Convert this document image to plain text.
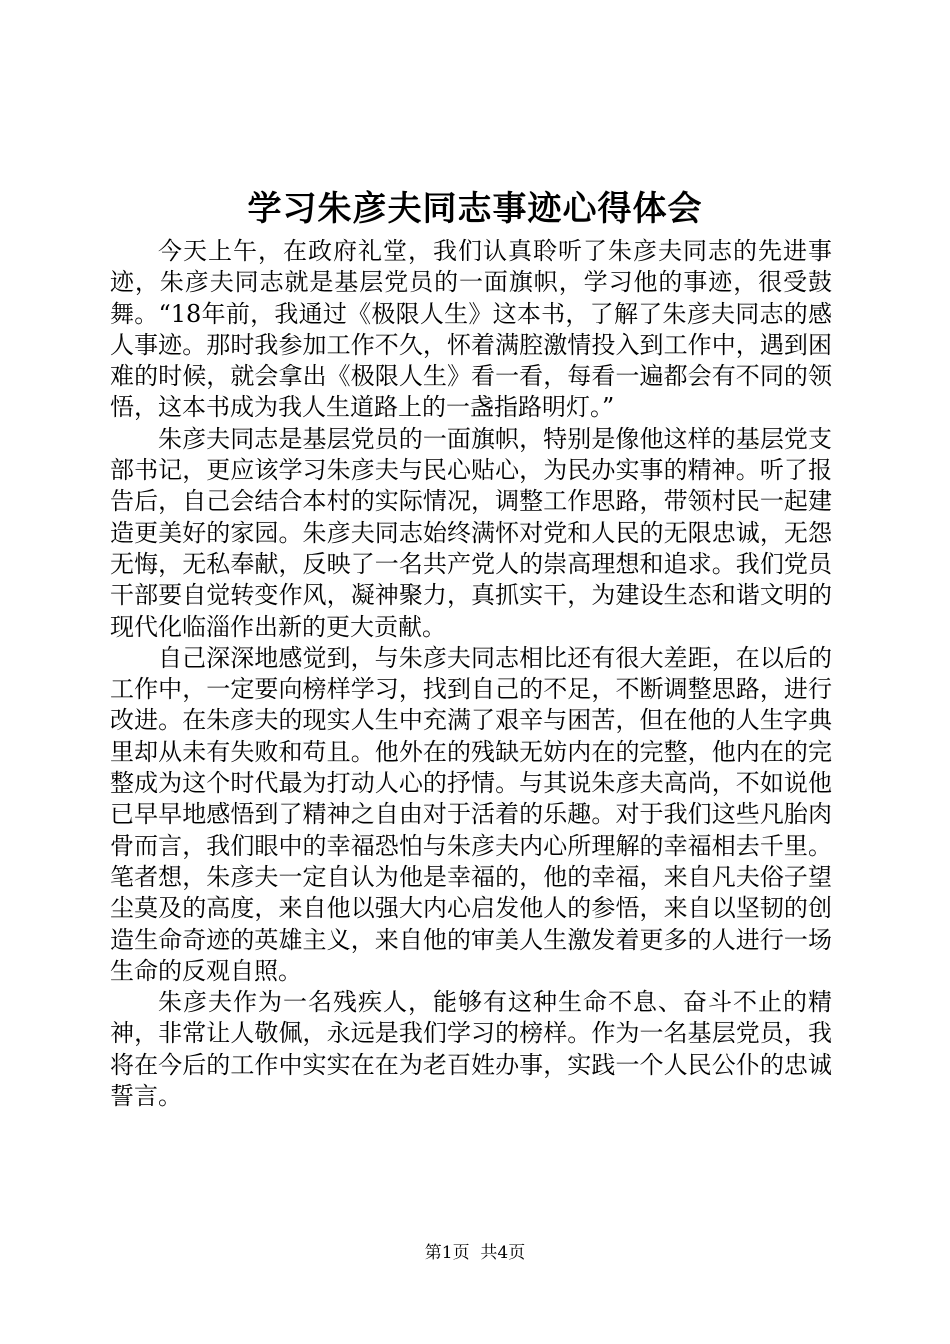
学习朱彦夫同志事迹心得体会

今天上午，在政府礼堂，我们认真聆听了朱彦夫同志的先进事迹，朱彦夫同志就是基层党员的一面旗帜，学习他的事迹，很受鼓舞。“18年前，我通过《极限人生》这本书，了解了朱彦夫同志的感人事迹。那时我参加工作不久，怀着满腔激情投入到工作中，遇到困难的时候，就会拿出《极限人生》看一看，每看一遍都会有不同的领悟，这本书成为我人生道路上的一盏指路明灯。”

朱彦夫同志是基层党员的一面旗帜，特别是像他这样的基层党支部书记，更应该学习朱彦夫与民心贴心，为民办实事的精神。听了报告后，自己会结合本村的实际情况，调整工作思路，带领村民一起建造更美好的家园。朱彦夫同志始终满怀对党和人民的无限忠诚，无怨无悔，无私奉献，反映了一名共产党人的崇高理想和追求。我们党员干部要自觉转变作风，凝神聚力，真抓实干，为建设生态和谐文明的现代化临淄作出新的更大贡献。

自己深深地感觉到，与朱彦夫同志相比还有很大差距，在以后的工作中，一定要向榜样学习，找到自己的不足，不断调整思路，进行改进。在朱彦夫的现实人生中充满了艰辛与困苦，但在他的人生字典里却从未有失败和苟且。他外在的残缺无妨内在的完整，他内在的完整成为这个时代最为打动人心的抒情。与其说朱彦夫高尚，不如说他已早早地感悟到了精神之自由对于活着的乐趣。对于我们这些凡胎肉骨而言，我们眼中的幸福恐怕与朱彦夫内心所理解的幸福相去千里。笔者想，朱彦夫一定自认为他是幸福的，他的幸福，来自凡夫俗子望尘莫及的高度，来自他以强大内心启发他人的参悟，来自以坚韧的创造生命奇迹的英雄主义，来自他的审美人生激发着更多的人进行一场生命的反观自照。

朱彦夫作为一名残疾人，能够有这种生命不息、奋斗不止的精神，非常让人敬佩，永远是我们学习的榜样。作为一名基层党员，我将在今后的工作中实实在在为老百姓办事，实践一个人民公仆的忠诚誓言。

第1页 共4页
